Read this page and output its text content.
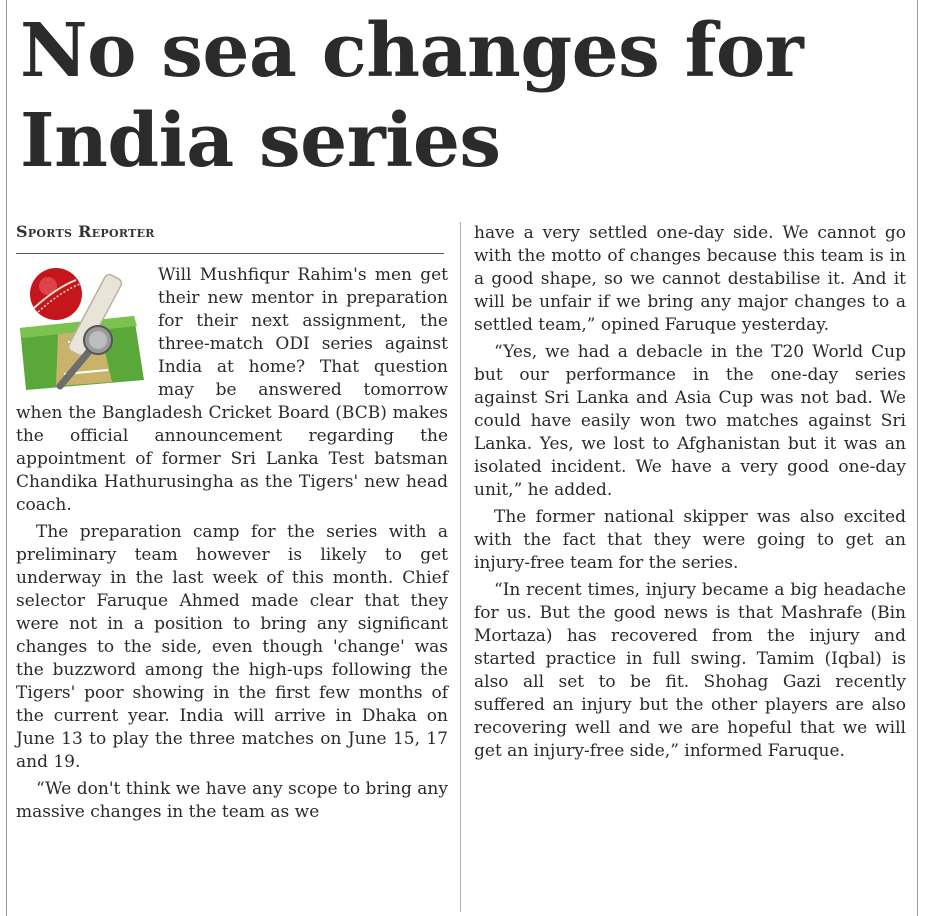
No sea changes for India series
Sports Reporter

Will Mushfiqur Rahim's men get their new mentor in preparation for their next assignment, the three-match ODI series against India at home? That question may be answered tomorrow when the Bangladesh Cricket Board (BCB) makes the official announcement regarding the appointment of former Sri Lanka Test batsman Chandika Hathurusingha as the Tigers' new head coach.

The preparation camp for the series with a preliminary team however is likely to get underway in the last week of this month. Chief selector Faruque Ahmed made clear that they were not in a position to bring any significant changes to the side, even though 'change' was the buzzword among the high-ups following the Tigers' poor showing in the first few months of the current year. India will arrive in Dhaka on June 13 to play the three matches on June 15, 17 and 19.

“We don't think we have any scope to bring any massive changes in the team as we

have a very settled one-day side. We cannot go with the motto of changes because this team is in a good shape, so we cannot destabilise it. And it will be unfair if we bring any major changes to a settled team,” opined Faruque yesterday.

“Yes, we had a debacle in the T20 World Cup but our performance in the one-day series against Sri Lanka and Asia Cup was not bad. We could have easily won two matches against Sri Lanka. Yes, we lost to Afghanistan but it was an isolated incident. We have a very good one-day unit,” he added.

The former national skipper was also excited with the fact that they were going to get an injury-free team for the series.

“In recent times, injury became a big headache for us. But the good news is that Mashrafe (Bin Mortaza) has recovered from the injury and started practice in full swing. Tamim (Iqbal) is also all set to be fit. Shohag Gazi recently suffered an injury but the other players are also recovering well and we are hopeful that we will get an injury-free side,” informed Faruque.
